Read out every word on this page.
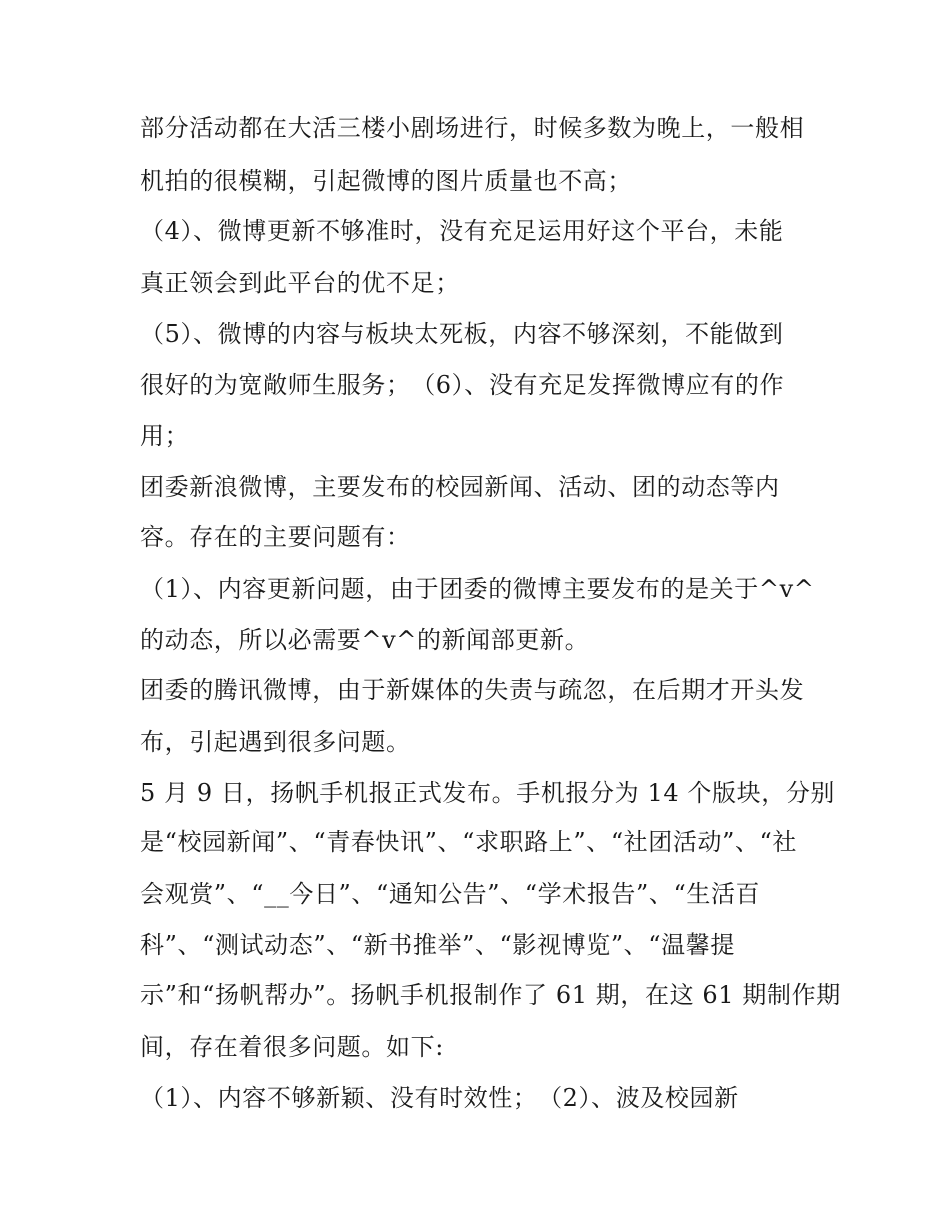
部分活动都在大活三楼小剧场进行，时候多数为晚上，一般相
机拍的很模糊，引起微博的图片质量也不高；
（4）、微博更新不够准时，没有充足运用好这个平台，未能
真正领会到此平台的优不足；
（5）、微博的内容与板块太死板，内容不够深刻，不能做到
很好的为宽敞师生服务；　（6）、没有充足发挥微博应有的作
用；
团委新浪微博，主要发布的校园新闻、活动、团的动态等内
容。存在的主要问题有：
（1）、内容更新问题，由于团委的微博主要发布的是关于^v^
的动态，所以必需要^v^的新闻部更新。
团委的腾讯微博，由于新媒体的失责与疏忽，在后期才开头发
布，引起遇到很多问题。
5 月 9 日，扬帆手机报正式发布。手机报分为 14 个版块，分别
是“校园新闻”、“青春快讯”、“求职路上”、“社团活动”、“社
会观赏”、“__今日”、“通知公告”、“学术报告”、“生活百
科”、“测试动态”、“新书推举”、“影视博览”、“温馨提
示”和“扬帆帮办”。扬帆手机报制作了 61 期，在这 61 期制作期
间，存在着很多问题。如下:
（1）、内容不够新颖、没有时效性；　（2）、波及校园新
